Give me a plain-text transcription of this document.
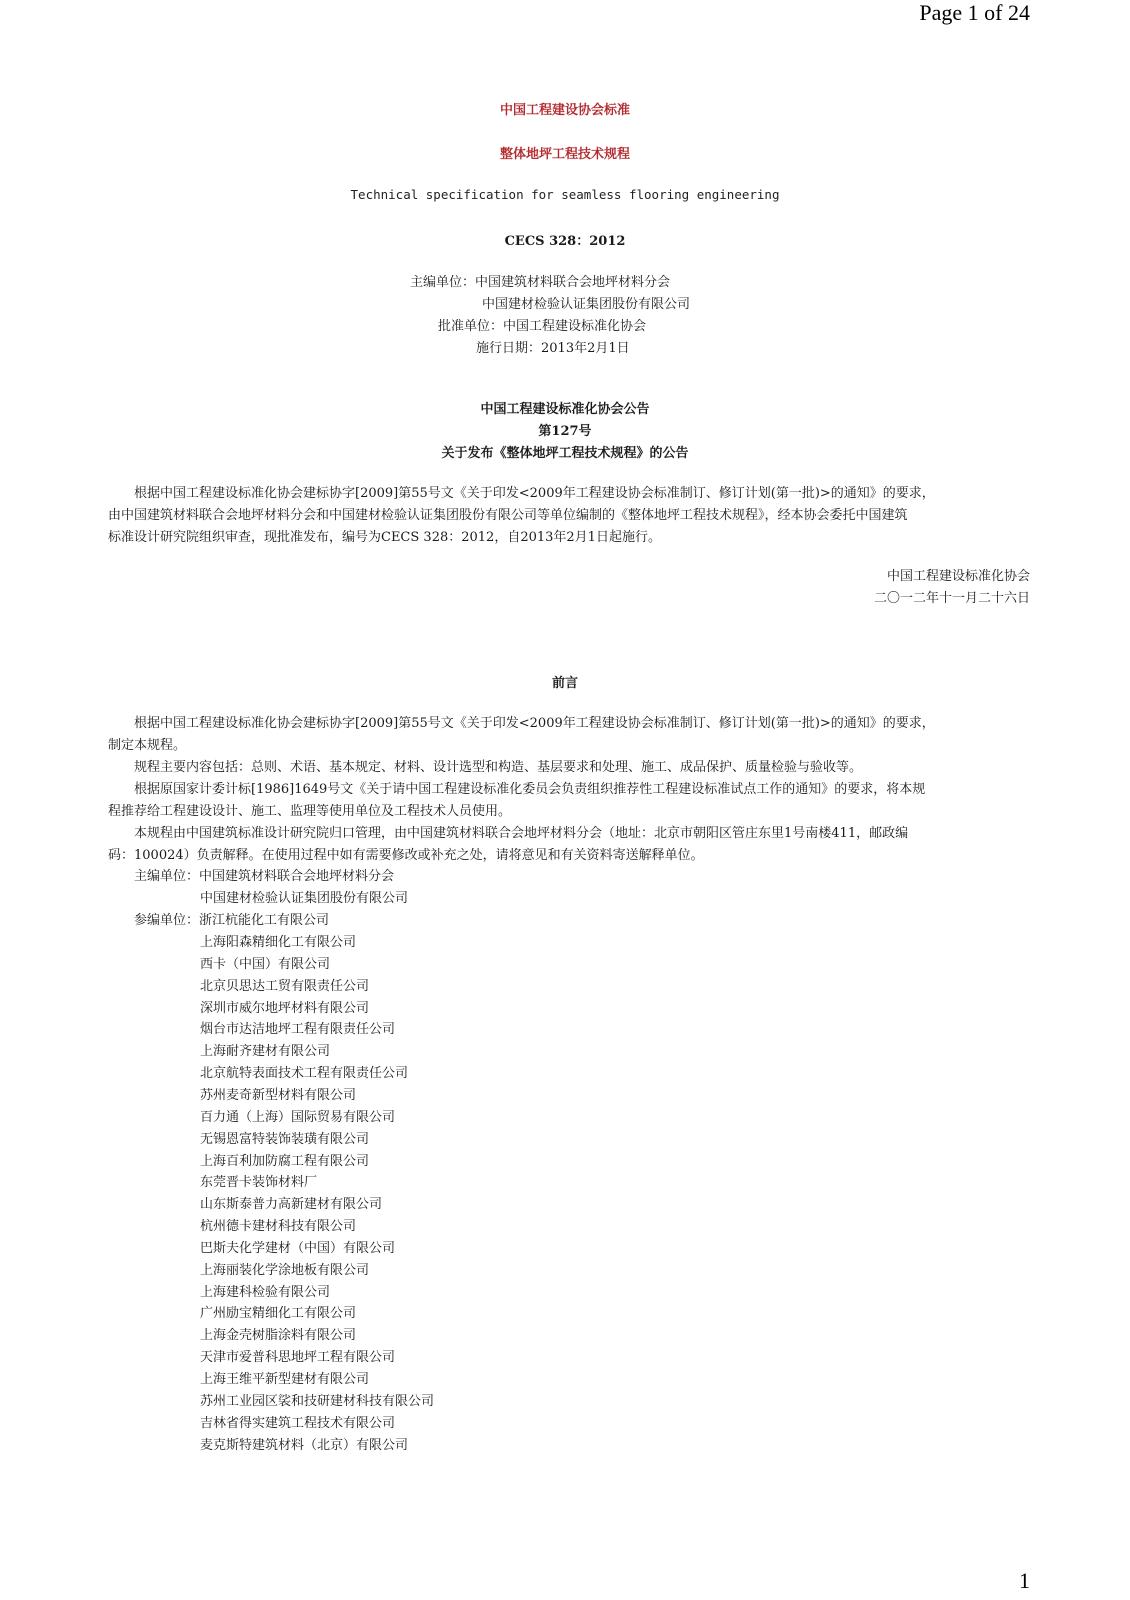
Page 1 of 24
中国工程建设协会标准
整体地坪工程技术规程
Technical specification for seamless flooring engineering
CECS 328：2012
主编单位：中国建筑材料联合会地坪材料分会
中国建材检验认证集团股份有限公司
批准单位：中国工程建设标准化协会
施行日期：2013年2月1日
中国工程建设标准化协会公告
第127号
关于发布《整体地坪工程技术规程》的公告
根据中国工程建设标准化协会建标协字[2009]第55号文《关于印发<2009年工程建设协会标准制订、修订计划(第一批)>的通知》的要求，
由中国建筑材料联合会地坪材料分会和中国建材检验认证集团股份有限公司等单位编制的《整体地坪工程技术规程》，经本协会委托中国建筑
标准设计研究院组织审查，现批准发布，编号为CECS 328：2012，自2013年2月1日起施行。
中国工程建设标准化协会
二〇一二年十一月二十六日
前言
根据中国工程建设标准化协会建标协字[2009]第55号文《关于印发<2009年工程建设协会标准制订、修订计划(第一批)>的通知》的要求，
制定本规程。
规程主要内容包括：总则、术语、基本规定、材料、设计选型和构造、基层要求和处理、施工、成品保护、质量检验与验收等。
根据原国家计委计标[1986]1649号文《关于请中国工程建设标准化委员会负责组织推荐性工程建设标准试点工作的通知》的要求，将本规
程推荐给工程建设设计、施工、监理等使用单位及工程技术人员使用。
本规程由中国建筑标准设计研究院归口管理，由中国建筑材料联合会地坪材料分会（地址：北京市朝阳区管庄东里1号南楼411，邮政编
码：100024）负责解释。在使用过程中如有需要修改或补充之处，请将意见和有关资料寄送解释单位。
主编单位：中国建筑材料联合会地坪材料分会
中国建材检验认证集团股份有限公司
参编单位：浙江杭能化工有限公司
上海阳森精细化工有限公司
西卡（中国）有限公司
北京贝思达工贸有限责任公司
深圳市威尔地坪材料有限公司
烟台市达洁地坪工程有限责任公司
上海耐齐建材有限公司
北京航特表面技术工程有限责任公司
苏州麦奇新型材料有限公司
百力通（上海）国际贸易有限公司
无锡恩富特装饰装璜有限公司
上海百利加防腐工程有限公司
东莞晋卡装饰材料厂
山东斯泰普力高新建材有限公司
杭州德卡建材科技有限公司
巴斯夫化学建材（中国）有限公司
上海丽装化学涂地板有限公司
上海建科检验有限公司
广州励宝精细化工有限公司
上海金壳树脂涂料有限公司
天津市爱普科思地坪工程有限公司
上海王维平新型建材有限公司
苏州工业园区裟和技研建材科技有限公司
吉林省得实建筑工程技术有限公司
麦克斯特建筑材料（北京）有限公司
1
